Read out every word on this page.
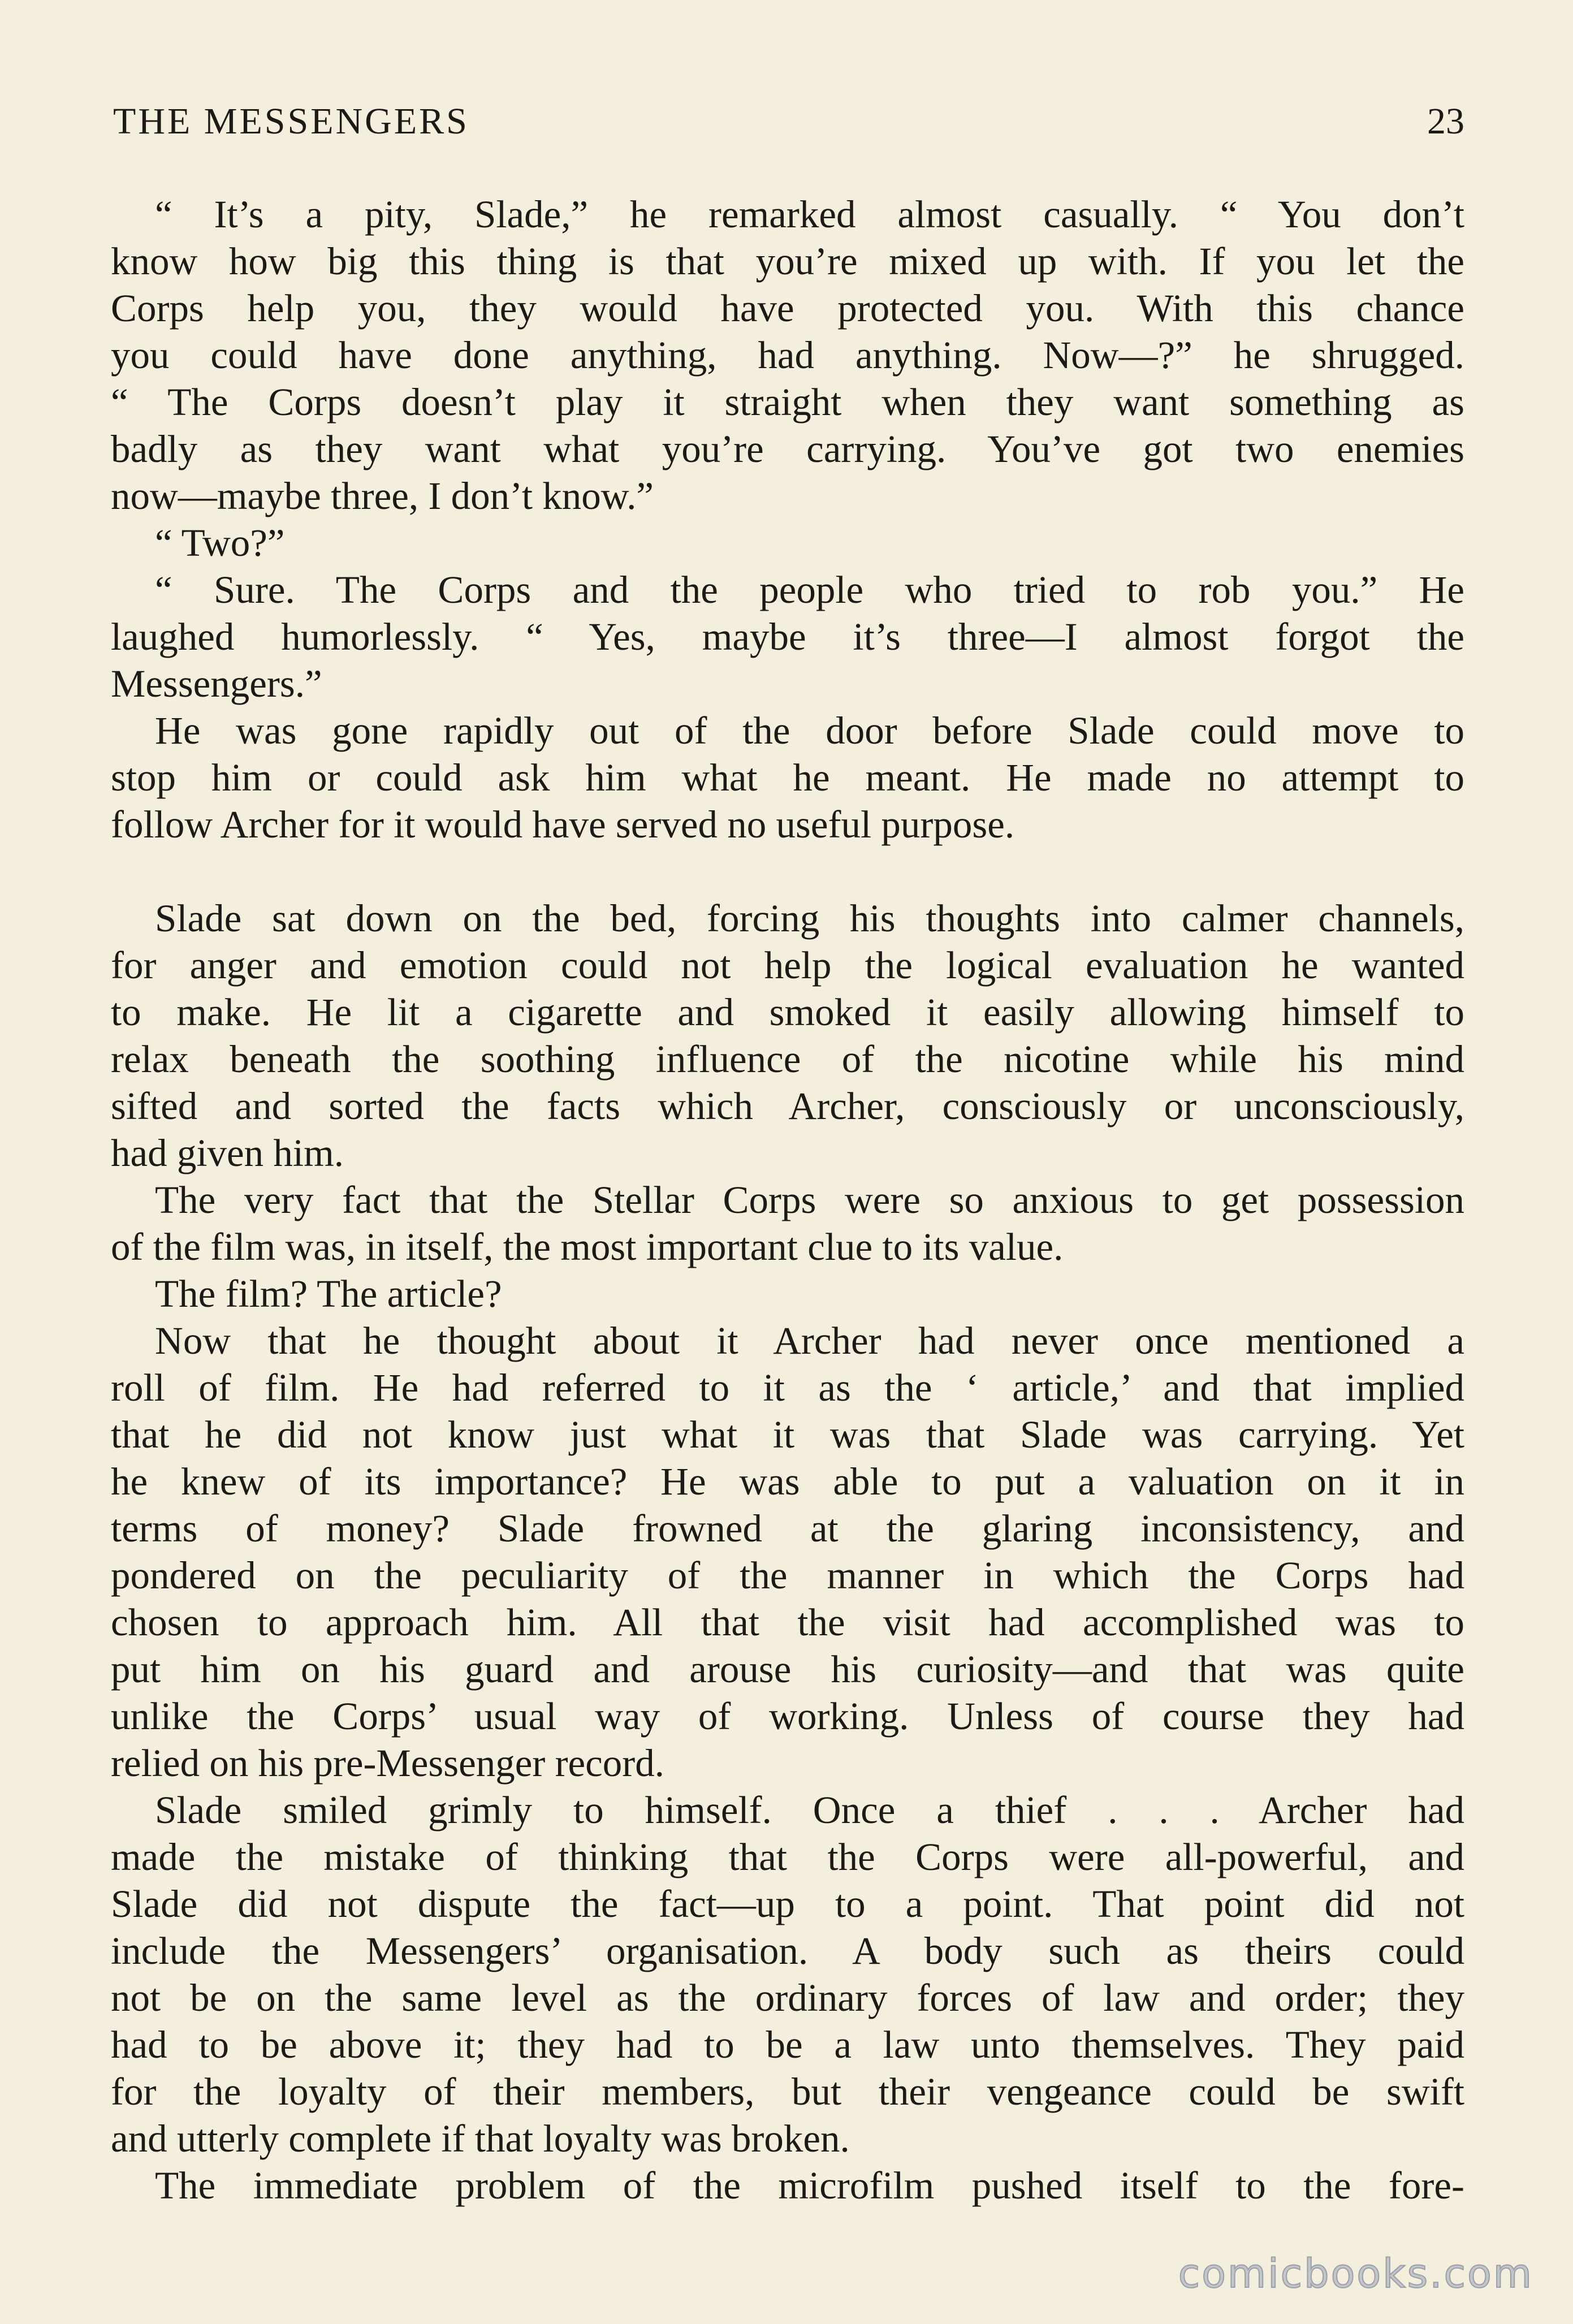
THE MESSENGERS	23
“ It’s a pity, Slade,” he remarked almost casually. “ You don’t
know how big this thing is that you’re mixed up with. If you let the
Corps help you, they would have protected you. With this chance
you could have done anything, had anything. Now—?” he shrugged.
“ The Corps doesn’t play it straight when they want something as
badly as they want what you’re carrying. You’ve got two enemies
now—maybe three, I don’t know.”
“ Two?”
“ Sure. The Corps and the people who tried to rob you.” He
laughed humorlessly. “ Yes, maybe it’s three—I almost forgot the
Messengers.”
He was gone rapidly out of the door before Slade could move to
stop him or could ask him what he meant. He made no attempt to
follow Archer for it would have served no useful purpose.
Slade sat down on the bed, forcing his thoughts into calmer channels,
for anger and emotion could not help the logical evaluation he wanted
to make. He lit a cigarette and smoked it easily allowing himself to
relax beneath the soothing influence of the nicotine while his mind
sifted and sorted the facts which Archer, consciously or unconsciously,
had given him.
The very fact that the Stellar Corps were so anxious to get possession
of the film was, in itself, the most important clue to its value.
The film? The article?
Now that he thought about it Archer had never once mentioned a
roll of film. He had referred to it as the ‘ article,’ and that implied
that he did not know just what it was that Slade was carrying. Yet
he knew of its importance? He was able to put a valuation on it in
terms of money? Slade frowned at the glaring inconsistency, and
pondered on the peculiarity of the manner in which the Corps had
chosen to approach him. All that the visit had accomplished was to
put him on his guard and arouse his curiosity—and that was quite
unlike the Corps’ usual way of working. Unless of course they had
relied on his pre-Messenger record.
Slade smiled grimly to himself. Once a thief . . . Archer had
made the mistake of thinking that the Corps were all-powerful, and
Slade did not dispute the fact—up to a point. That point did not
include the Messengers’ organisation. A body such as theirs could
not be on the same level as the ordinary forces of law and order; they
had to be above it; they had to be a law unto themselves. They paid
for the loyalty of their members, but their vengeance could be swift
and utterly complete if that loyalty was broken.
The immediate problem of the microfilm pushed itself to the fore-
comicbooks.com
